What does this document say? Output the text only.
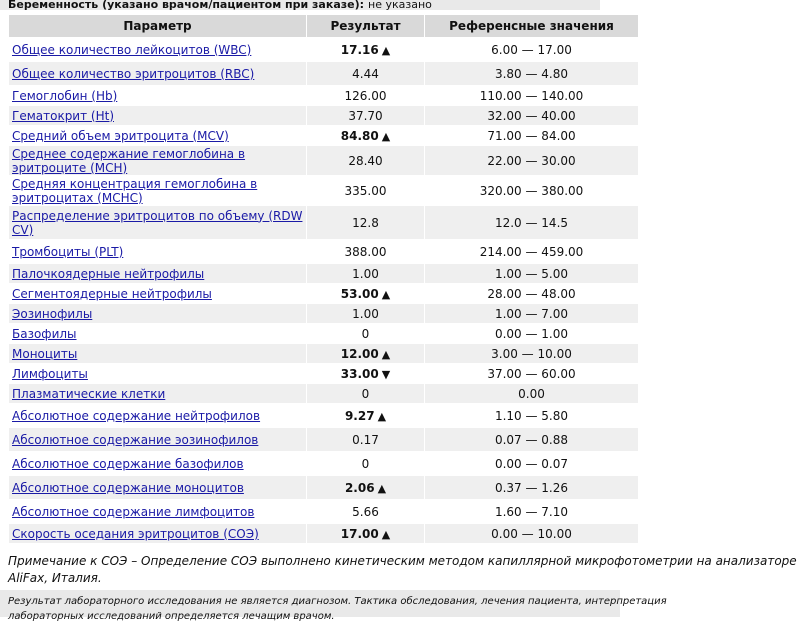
Беременность (указано врачом/пациентом при заказе): не указано
Параметр	Результат	Референсные значения
Общее количество лейкоцитов (WBC)	17.16 ▲	6.00 — 17.00
Общее количество эритроцитов (RBC)	4.44	3.80 — 4.80
Гемоглобин (Hb)	126.00	110.00 — 140.00
Гематокрит (Ht)	37.70	32.00 — 40.00
Средний объем эритроцита (MCV)	84.80 ▲	71.00 — 84.00
Среднее содержание гемоглобина в эритроците (MCH)	28.40	22.00 — 30.00
Средняя концентрация гемоглобина в эритроцитах (MCHC)	335.00	320.00 — 380.00
Распределение эритроцитов по объему (RDW CV)	12.8	12.0 — 14.5
Тромбоциты (PLT)	388.00	214.00 — 459.00
Палочкоядерные нейтрофилы	1.00	1.00 — 5.00
Сегментоядерные нейтрофилы	53.00 ▲	28.00 — 48.00
Эозинофилы	1.00	1.00 — 7.00
Базофилы	0	0.00 — 1.00
Моноциты	12.00 ▲	3.00 — 10.00
Лимфоциты	33.00 ▼	37.00 — 60.00
Плазматические клетки	0	0.00
Абсолютное содержание нейтрофилов	9.27 ▲	1.10 — 5.80
Абсолютное содержание эозинофилов	0.17	0.07 — 0.88
Абсолютное содержание базофилов	0	0.00 — 0.07
Абсолютное содержание моноцитов	2.06 ▲	0.37 — 1.26
Абсолютное содержание лимфоцитов	5.66	1.60 — 7.10
Скорость оседания эритроцитов (СОЭ)	17.00 ▲	0.00 — 10.00
Примечание к СОЭ – Определение СОЭ выполнено кинетическим методом капиллярной микрофотометрии на анализаторе
AliFax, Италия.
Результат лабораторного исследования не является диагнозом. Тактика обследования, лечения пациента, интерпретация
лабораторных исследований определяется лечащим врачом.
